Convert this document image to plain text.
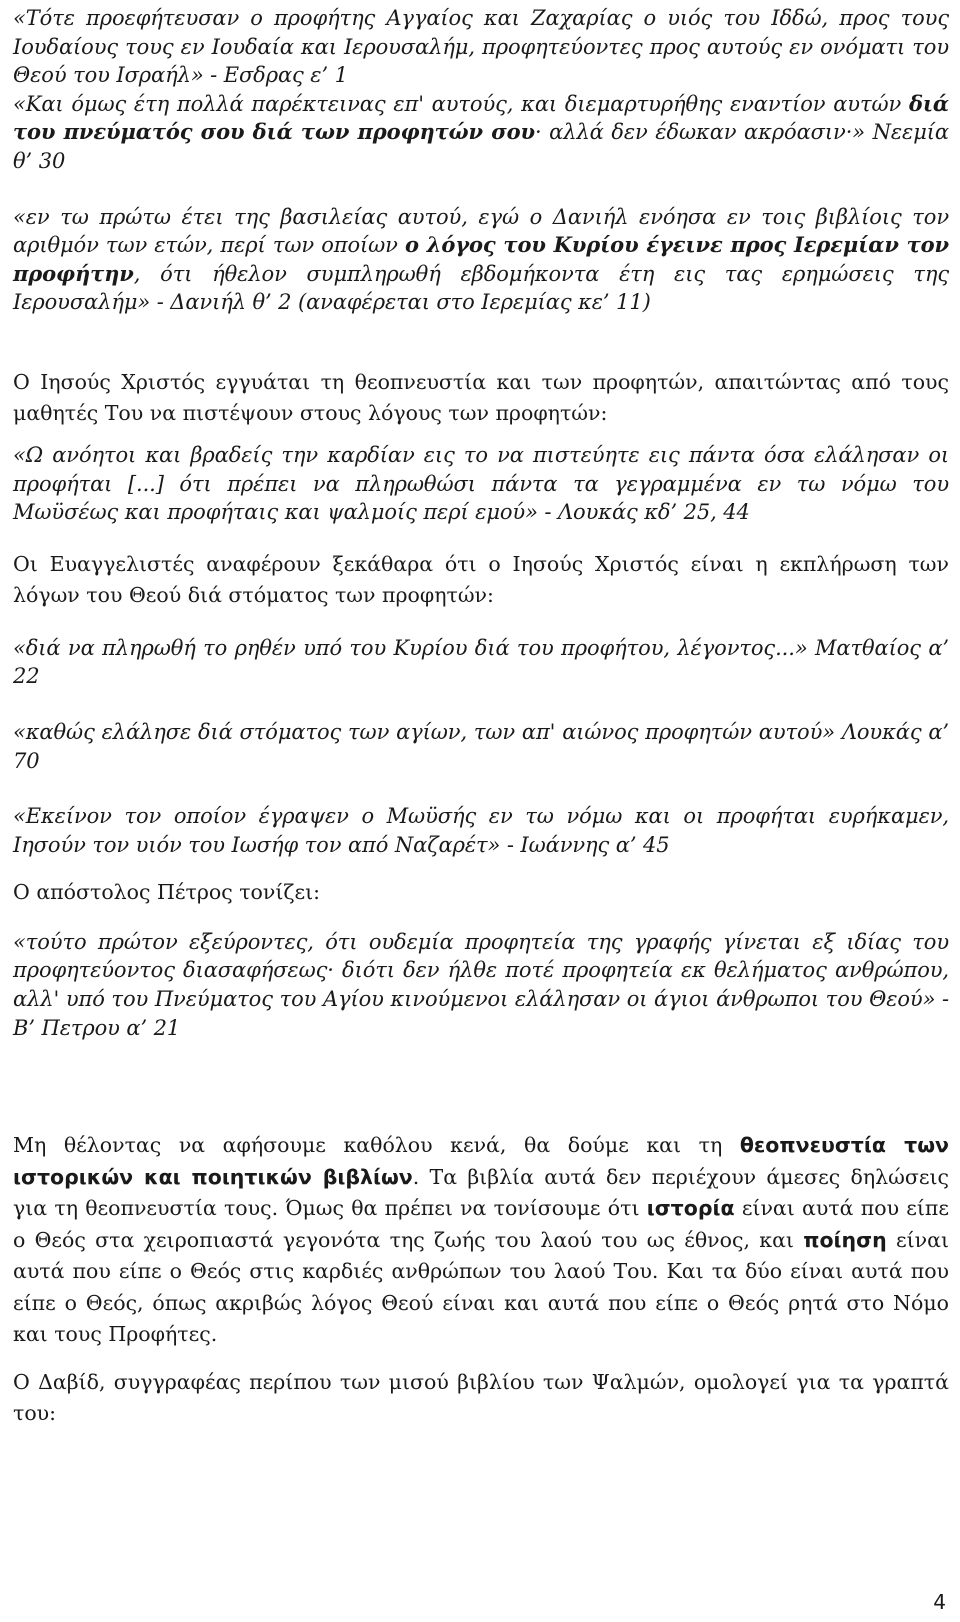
«Τότε προεφήτευσαν ο προφήτης Αγγαίος και Ζαχαρίας ο υιός του Ιδδώ, προς τους Ιουδαίους τους εν Ιουδαία και Ιερουσαλήμ, προφητεύοντες προς αυτούς εν ονόματι του Θεού του Ισραήλ» - Εσδρας ε’ 1
«Και όμως έτη πολλά παρέκτεινας επ' αυτούς, και διεμαρτυρήθης εναντίον αυτών διά του πνεύματός σου διά των προφητών σου· αλλά δεν έδωκαν ακρόασιν·» Νεεμία θ’ 30

«εν τω πρώτω έτει της βασιλείας αυτού, εγώ ο Δανιήλ ενόησα εν τοις βιβλίοις τον αριθμόν των ετών, περί των οποίων ο λόγος του Κυρίου έγεινε προς Ιερεμίαν τον προφήτην, ότι ήθελον συμπληρωθή εβδομήκοντα έτη εις τας ερημώσεις της Ιερουσαλήμ» - Δανιήλ θ’ 2 (αναφέρεται στο Ιερεμίας κε’ 11)

Ο Ιησούς Χριστός εγγυάται τη θεοπνευστία και των προφητών, απαιτώντας από τους μαθητές Του να πιστέψουν στους λόγους των προφητών:

«Ω ανόητοι και βραδείς την καρδίαν εις το να πιστεύητε εις πάντα όσα ελάλησαν οι προφήται [...] ότι πρέπει να πληρωθώσι πάντα τα γεγραμμένα εν τω νόμω του Μωϋσέως και προφήταις και ψαλμοίς περί εμού» - Λουκάς κδ’ 25, 44

Οι Ευαγγελιστές αναφέρουν ξεκάθαρα ότι ο Ιησούς Χριστός είναι η εκπλήρωση των λόγων του Θεού διά στόματος των προφητών:

«διά να πληρωθή το ρηθέν υπό του Κυρίου διά του προφήτου, λέγοντος...» Ματθαίος α’ 22

«καθώς ελάλησε διά στόματος των αγίων, των απ' αιώνος προφητών αυτού» Λουκάς α’ 70

«Εκείνον τον οποίον έγραψεν ο Μωϋσής εν τω νόμω και οι προφήται ευρήκαμεν, Ιησούν τον υιόν του Ιωσήφ τον από Ναζαρέτ» - Ιωάννης α’ 45

Ο απόστολος Πέτρος τονίζει:

«τούτο πρώτον εξεύροντες, ότι ουδεμία προφητεία της γραφής γίνεται εξ ιδίας του προφητεύοντος διασαφήσεως· διότι δεν ήλθε ποτέ προφητεία εκ θελήματος ανθρώπου, αλλ' υπό του Πνεύματος του Αγίου κινούμενοι ελάλησαν οι άγιοι άνθρωποι του Θεού» - Β’ Πετρου α’ 21

Μη θέλοντας να αφήσουμε καθόλου κενά, θα δούμε και τη θεοπνευστία των ιστορικών και ποιητικών βιβλίων. Τα βιβλία αυτά δεν περιέχουν άμεσες δηλώσεις για τη θεοπνευστία τους. Όμως θα πρέπει να τονίσουμε ότι ιστορία είναι αυτά που είπε ο Θεός στα χειροπιαστά γεγονότα της ζωής του λαού του ως έθνος, και ποίηση είναι αυτά που είπε ο Θεός στις καρδιές ανθρώπων του λαού Του. Και τα δύο είναι αυτά που είπε ο Θεός, όπως ακριβώς λόγος Θεού είναι και αυτά που είπε ο Θεός ρητά στο Νόμο και τους Προφήτες.

Ο Δαβίδ, συγγραφέας περίπου των μισού βιβλίου των Ψαλμών, ομολογεί για τα γραπτά του:

4
